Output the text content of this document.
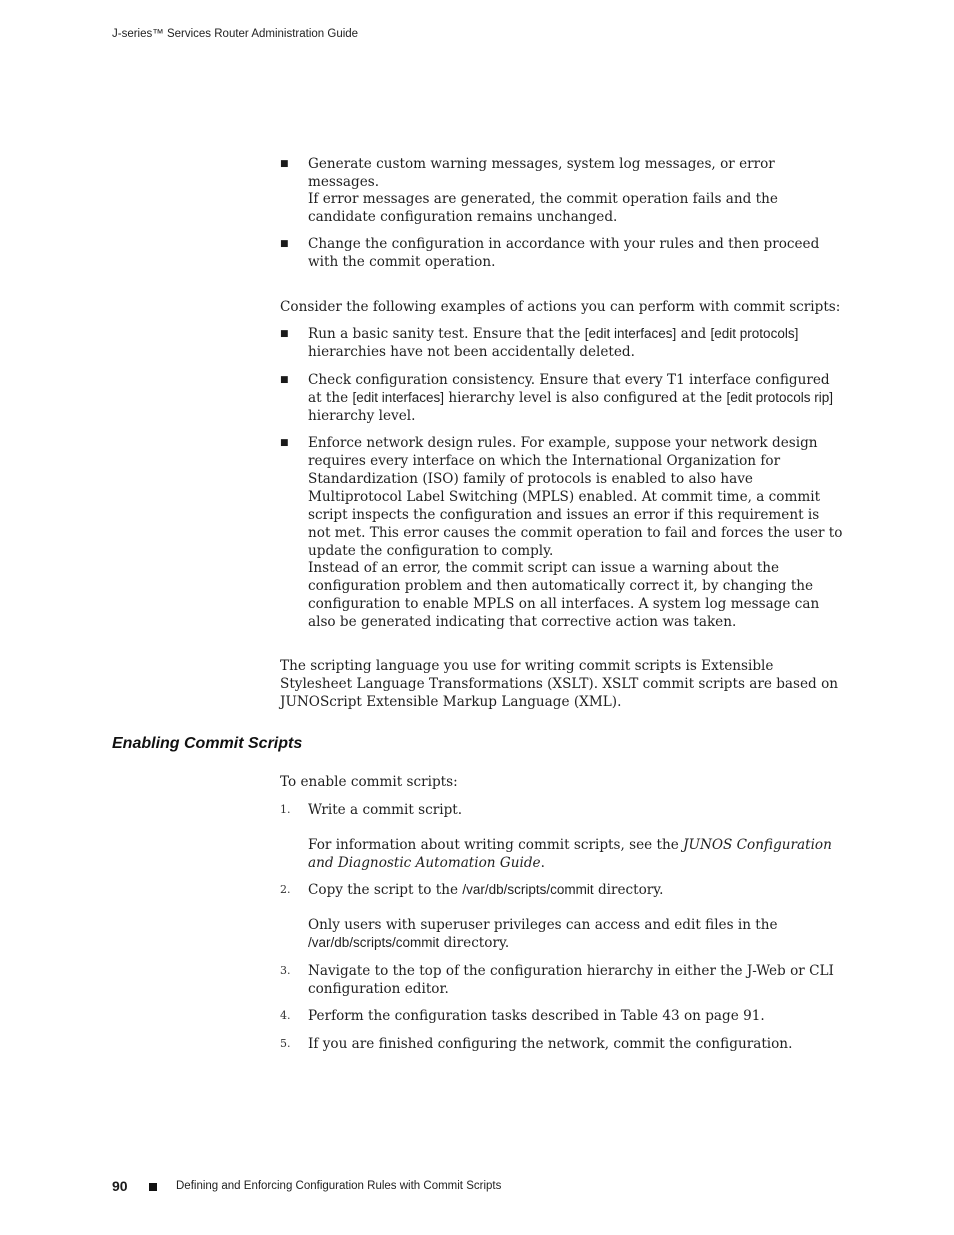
J-series™ Services Router Administration Guide
■ Generate custom warning messages, system log messages, or error messages.
If error messages are generated, the commit operation fails and the candidate configuration remains unchanged.
■ Change the configuration in accordance with your rules and then proceed with the commit operation.
Consider the following examples of actions you can perform with commit scripts:
■ Run a basic sanity test. Ensure that the [edit interfaces] and [edit protocols]
hierarchies have not been accidentally deleted.
■ Check configuration consistency. Ensure that every T1 interface configured at the [edit interfaces] hierarchy level is also configured at the [edit protocols rip]
hierarchy level.
■ Enforce network design rules. For example, suppose your network design requires every interface on which the International Organization for Standardization (ISO) family of protocols is enabled to also have Multiprotocol Label Switching (MPLS) enabled. At commit time, a commit script inspects the configuration and issues an error if this requirement is not met. This error causes the commit operation to fail and forces the user to update the configuration to comply.
Instead of an error, the commit script can issue a warning about the configuration problem and then automatically correct it, by changing the configuration to enable MPLS on all interfaces. A system log message can also be generated indicating that corrective action was taken.
The scripting language you use for writing commit scripts is Extensible Stylesheet Language Transformations (XSLT). XSLT commit scripts are based on JUNOScript Extensible Markup Language (XML).
Enabling Commit Scripts
To enable commit scripts:
1.	Write a commit script.
For information about writing commit scripts, see the JUNOS Configuration and Diagnostic Automation Guide.
2.	Copy the script to the /var/db/scripts/commit directory.
Only users with superuser privileges can access and edit files in the
/var/db/scripts/commit directory.
3.	Navigate to the top of the configuration hierarchy in either the J-Web or CLI configuration editor.
4.	Perform the configuration tasks described in Table 43 on page 91.
5.	If you are finished configuring the network, commit the configuration.
90	Defining and Enforcing Configuration Rules with Commit Scripts
